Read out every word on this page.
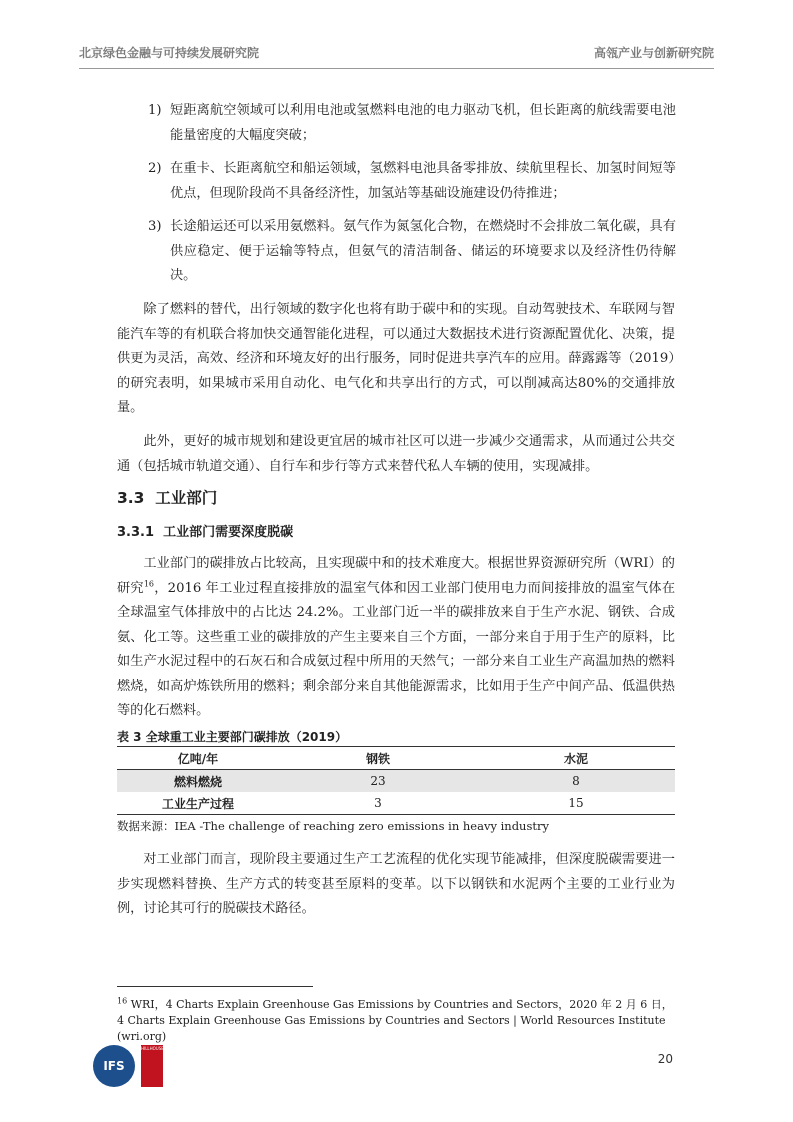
北京绿色金融与可持续发展研究院	高瓴产业与创新研究院
1) 短距离航空领域可以利用电池或氢燃料电池的电力驱动飞机，但长距离的航线需要电池能量密度的大幅度突破；
2) 在重卡、长距离航空和船运领域，氢燃料电池具备零排放、续航里程长、加氢时间短等优点，但现阶段尚不具备经济性，加氢站等基础设施建设仍待推进；
3) 长途船运还可以采用氨燃料。氨气作为氮氢化合物，在燃烧时不会排放二氧化碳，具有供应稳定、便于运输等特点，但氨气的清洁制备、储运的环境要求以及经济性仍待解决。
除了燃料的替代，出行领域的数字化也将有助于碳中和的实现。自动驾驶技术、车联网与智能汽车等的有机联合将加快交通智能化进程，可以通过大数据技术进行资源配置优化、决策，提供更为灵活，高效、经济和环境友好的出行服务，同时促进共享汽车的应用。薛露露等（2019）的研究表明，如果城市采用自动化、电气化和共享出行的方式，可以削减高达80%的交通排放量。
此外，更好的城市规划和建设更宜居的城市社区可以进一步减少交通需求，从而通过公共交通（包括城市轨道交通）、自行车和步行等方式来替代私人车辆的使用，实现减排。
3.3 工业部门
3.3.1 工业部门需要深度脱碳
工业部门的碳排放占比较高，且实现碳中和的技术难度大。根据世界资源研究所（WRI）的研究$^{16}$，2016 年工业过程直接排放的温室气体和因工业部门使用电力而间接排放的温室气体在全球温室气体排放中的占比达 24.2%。工业部门近一半的碳排放来自于生产水泥、钢铁、合成氨、化工等。这些重工业的碳排放的产生主要来自三个方面，一部分来自于用于生产的原料，比如生产水泥过程中的石灰石和合成氨过程中所用的天然气；一部分来自工业生产高温加热的燃料燃烧，如高炉炼铁所用的燃料；剩余部分来自其他能源需求，比如用于生产中间产品、低温供热等的化石燃料。
表 3 全球重工业主要部门碳排放（2019）
亿吨/年	钢铁	水泥
燃料燃烧	23	8
工业生产过程	3	15
数据来源：IEA -The challenge of reaching zero emissions in heavy industry
对工业部门而言，现阶段主要通过生产工艺流程的优化实现节能减排，但深度脱碳需要进一步实现燃料替换、生产方式的转变甚至原料的变革。以下以钢铁和水泥两个主要的工业行业为例，讨论其可行的脱碳技术路径。
$^{16}$ WRI，4 Charts Explain Greenhouse Gas Emissions by Countries and Sectors，2020 年 2 月 6 日，
4 Charts Explain Greenhouse Gas Emissions by Countries and Sectors | World Resources Institute (wri.org)
IFS
HILLHOUSE
20
